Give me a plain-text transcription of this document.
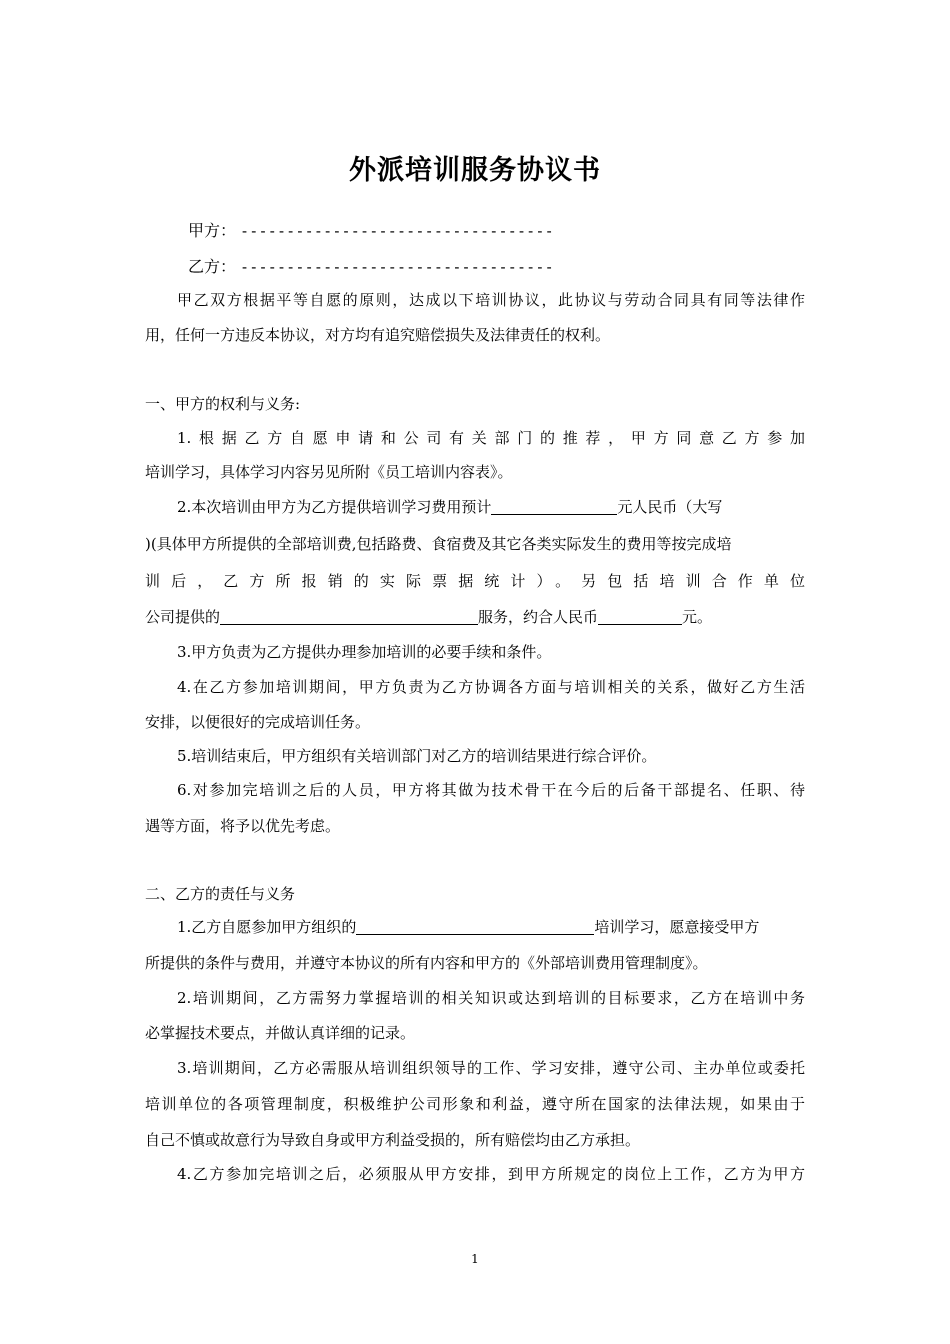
外派培训服务协议书
甲方： ----------------------------------
乙方： ----------------------------------
甲乙双方根据平等自愿的原则，达成以下培训协议，此协议与劳动合同具有同等法律作
用，任何一方违反本协议，对方均有追究赔偿损失及法律责任的权利。
一、甲方的权利与义务:
1.根据乙方自愿申请和公司有关部门的推荐，甲方同意乙方参加
培训学习，具体学习内容另见所附《员工培训内容表》。
2.本次培训由甲方为乙方提供培训学习费用预计	元人民币（大写
)(具体甲方所提供的全部培训费,包括路费、食宿费及其它各类实际发生的费用等按完成培
训后，乙方所报销的实际票据统计）。另包括培训合作单位
公司提供的	服务，约合人民币	元。
3.甲方负责为乙方提供办理参加培训的必要手续和条件。
4.在乙方参加培训期间，甲方负责为乙方协调各方面与培训相关的关系，做好乙方生活
安排，以便很好的完成培训任务。
5.培训结束后，甲方组织有关培训部门对乙方的培训结果进行综合评价。
6.对参加完培训之后的人员，甲方将其做为技术骨干在今后的后备干部提名、任职、待
遇等方面，将予以优先考虑。
二、乙方的责任与义务
1.乙方自愿参加甲方组织的	培训学习，愿意接受甲方
所提供的条件与费用，并遵守本协议的所有内容和甲方的《外部培训费用管理制度》。
2.培训期间，乙方需努力掌握培训的相关知识或达到培训的目标要求，乙方在培训中务
必掌握技术要点，并做认真详细的记录。
3.培训期间，乙方必需服从培训组织领导的工作、学习安排，遵守公司、主办单位或委托
培训单位的各项管理制度，积极维护公司形象和利益，遵守所在国家的法律法规，如果由于
自己不慎或故意行为导致自身或甲方利益受损的，所有赔偿均由乙方承担。
4.乙方参加完培训之后，必须服从甲方安排，到甲方所规定的岗位上工作，乙方为甲方
1
